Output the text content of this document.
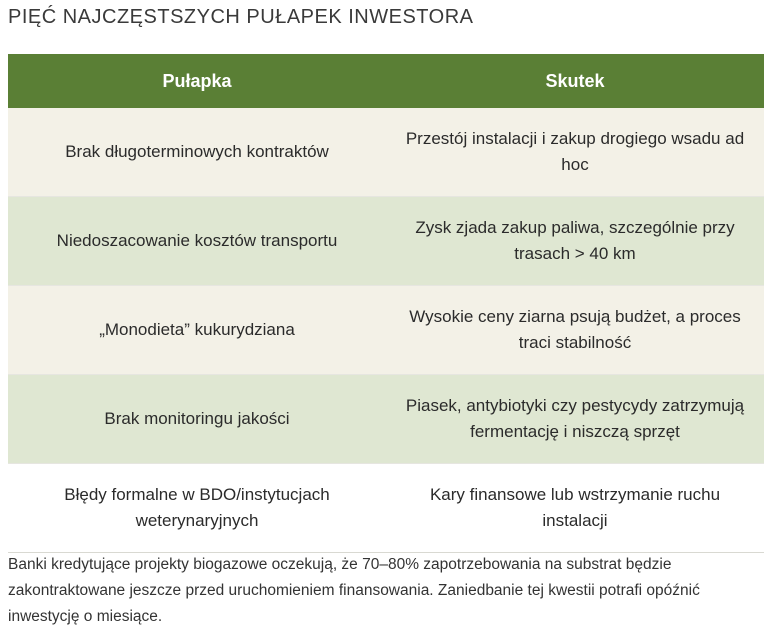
PIĘĆ NAJCZĘSTSZYCH PUŁAPEK INWESTORA
Pułapka	Skutek
Brak długoterminowych kontraktów	Przestój instalacji i zakup drogiego wsadu ad hoc
Niedoszacowanie kosztów transportu	Zysk zjada zakup paliwa, szczególnie przy trasach > 40 km
„Monodieta” kukurydziana	Wysokie ceny ziarna psują budżet, a proces traci stabilność
Brak monitoringu jakości	Piasek, antybiotyki czy pestycydy zatrzymują fermentację i niszczą sprzęt
Błędy formalne w BDO/instytucjach weterynaryjnych	Kary finansowe lub wstrzymanie ruchu instalacji

Banki kredytujące projekty biogazowe oczekują, że 70–80% zapotrzebowania na substrat będzie zakontraktowane jeszcze przed uruchomieniem finansowania. Zaniedbanie tej kwestii potrafi opóźnić inwestycję o miesiące.
